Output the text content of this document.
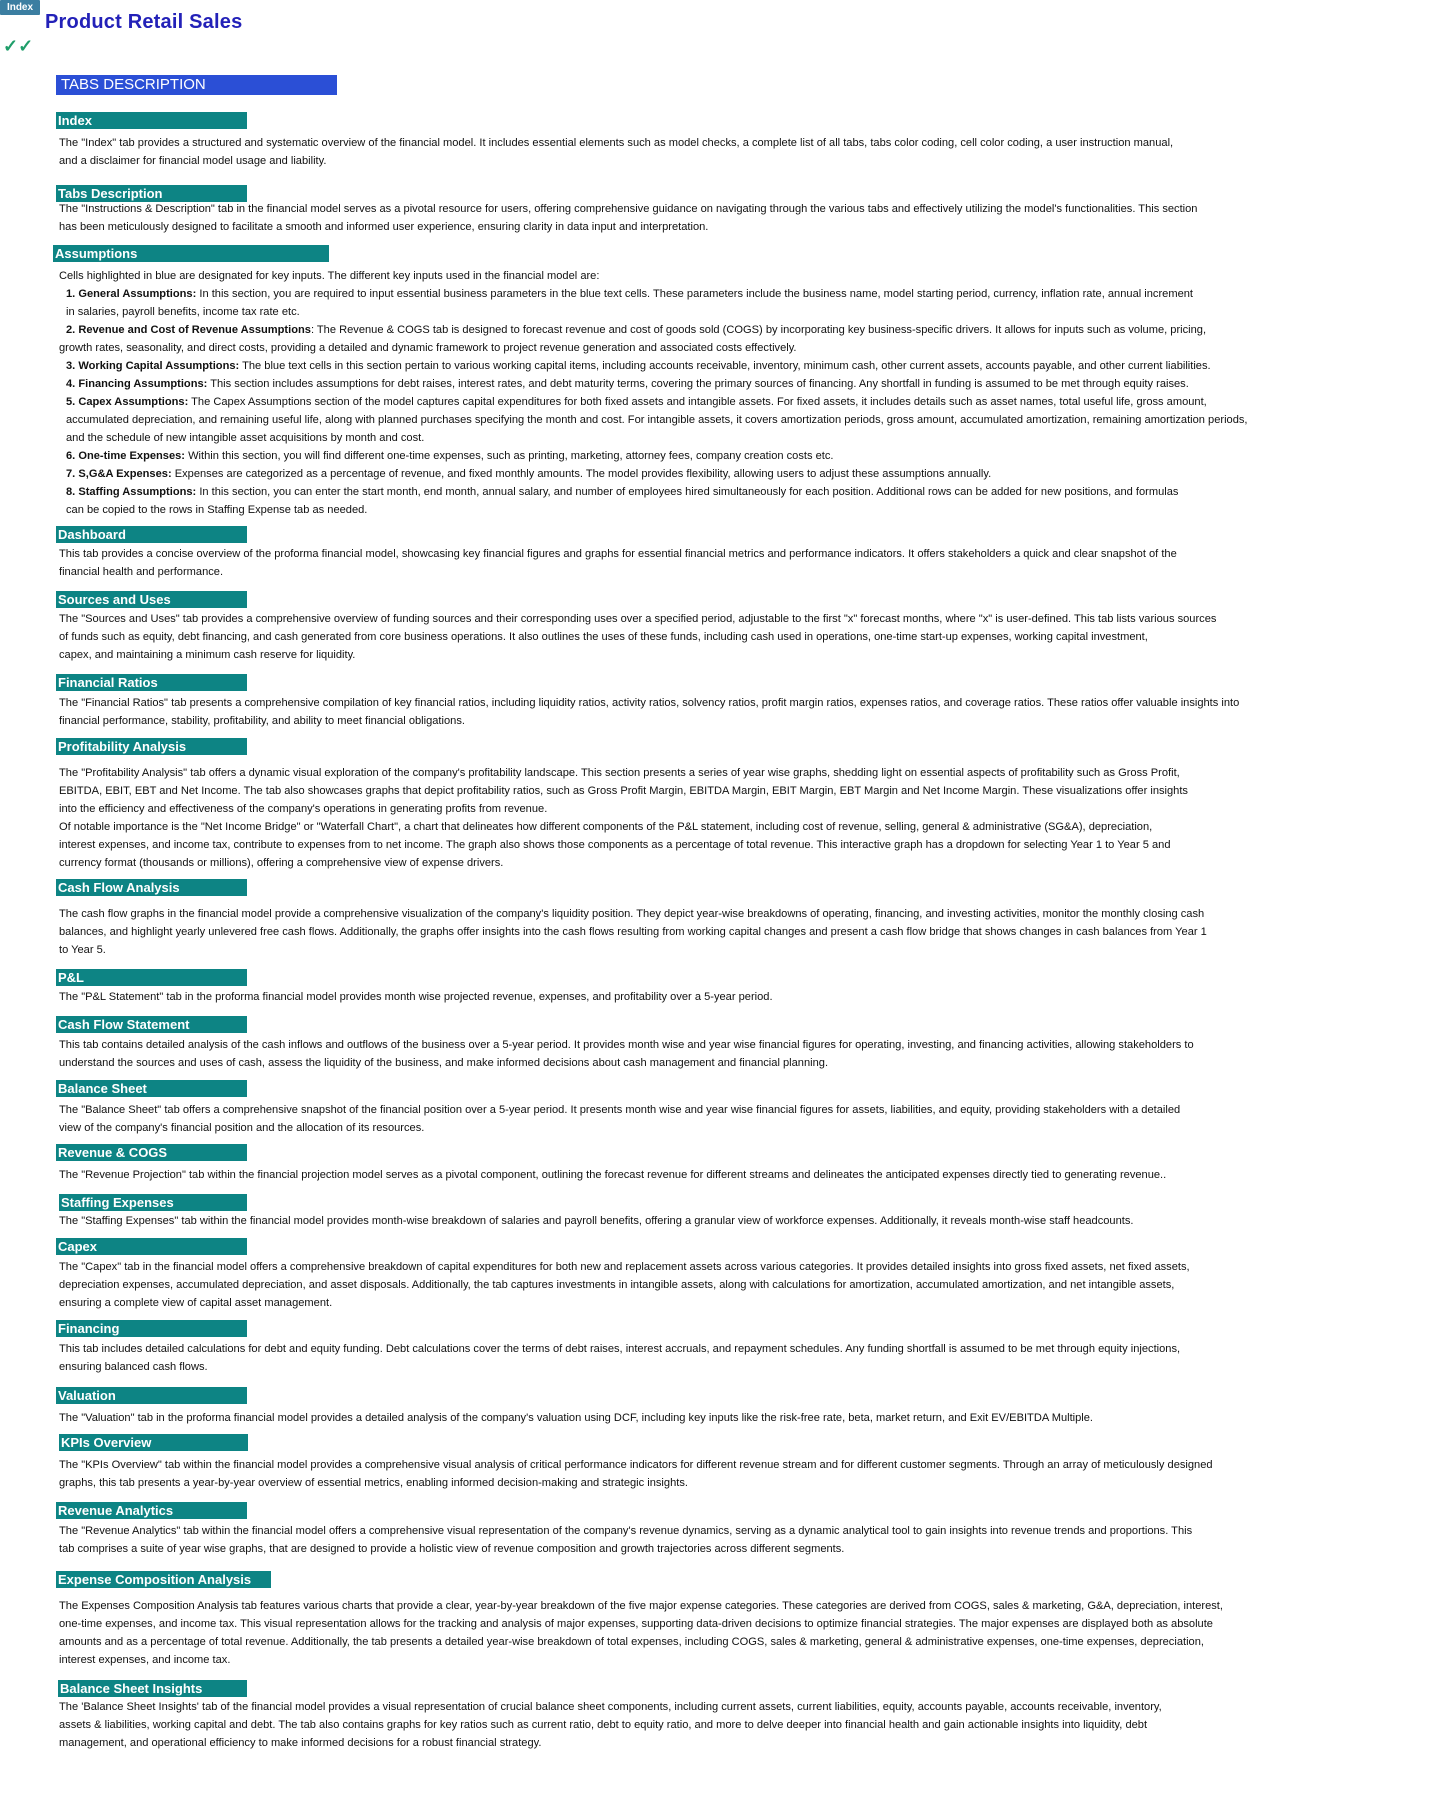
Index
Product Retail Sales
✓✓
TABS DESCRIPTION
Index

The "Index" tab provides a structured and systematic overview of the financial model. It includes essential elements such as model checks, a complete list of all tabs, tabs color coding, cell color coding, a user instruction manual,

and a disclaimer for financial model usage and liability.

Tabs Description

The "Instructions & Description" tab in the financial model serves as a pivotal resource for users, offering comprehensive guidance on navigating through the various tabs and effectively utilizing the model's functionalities. This section

has been meticulously designed to facilitate a smooth and informed user experience, ensuring clarity in data input and interpretation.

Assumptions

Cells highlighted in blue are designated for key inputs. The different key inputs used in the financial model are:

1. General Assumptions: In this section, you are required to input essential business parameters in the blue text cells. These parameters include the business name, model starting period, currency, inflation rate, annual increment

in salaries, payroll benefits, income tax rate etc.

2. Revenue and Cost of Revenue Assumptions: The Revenue & COGS tab is designed to forecast revenue and cost of goods sold (COGS) by incorporating key business-specific drivers. It allows for inputs such as volume, pricing,

growth rates, seasonality, and direct costs, providing a detailed and dynamic framework to project revenue generation and associated costs effectively.

3. Working Capital Assumptions: The blue text cells in this section pertain to various working capital items, including accounts receivable, inventory, minimum cash, other current assets, accounts payable, and other current liabilities.

4. Financing Assumptions: This section includes assumptions for debt raises, interest rates, and debt maturity terms, covering the primary sources of financing. Any shortfall in funding is assumed to be met through equity raises.

5. Capex Assumptions: The Capex Assumptions section of the model captures capital expenditures for both fixed assets and intangible assets. For fixed assets, it includes details such as asset names, total useful life, gross amount,

accumulated depreciation, and remaining useful life, along with planned purchases specifying the month and cost. For intangible assets, it covers amortization periods, gross amount, accumulated amortization, remaining amortization periods,

and the schedule of new intangible asset acquisitions by month and cost.

6. One-time Expenses: Within this section, you will find different one-time expenses, such as printing, marketing, attorney fees, company creation costs etc.

7. S,G&A Expenses: Expenses are categorized as a percentage of revenue, and fixed monthly amounts. The model provides flexibility, allowing users to adjust these assumptions annually.

8. Staffing Assumptions: In this section, you can enter the start month, end month, annual salary, and number of employees hired simultaneously for each position. Additional rows can be added for new positions, and formulas

can be copied to the rows in Staffing Expense tab as needed.

Dashboard

This tab provides a concise overview of the proforma financial model, showcasing key financial figures and graphs for essential financial metrics and performance indicators. It offers stakeholders a quick and clear snapshot of the

financial health and performance.

Sources and Uses

The "Sources and Uses" tab provides a comprehensive overview of funding sources and their corresponding uses over a specified period, adjustable to the first "x" forecast months, where "x" is user-defined. This tab lists various sources

of funds such as equity, debt financing, and cash generated from core business operations. It also outlines the uses of these funds, including cash used in operations, one-time start-up expenses, working capital investment,

capex, and maintaining a minimum cash reserve for liquidity.

Financial Ratios

The "Financial Ratios" tab presents a comprehensive compilation of key financial ratios, including liquidity ratios, activity ratios, solvency ratios, profit margin ratios, expenses ratios, and coverage ratios. These ratios offer valuable insights into

financial performance, stability, profitability, and ability to meet financial obligations.

Profitability Analysis

The "Profitability Analysis" tab offers a dynamic visual exploration of the company's profitability landscape. This section presents a series of year wise graphs, shedding light on essential aspects of profitability such as Gross Profit,

EBITDA, EBIT, EBT and Net Income. The tab also showcases graphs that depict profitability ratios, such as Gross Profit Margin, EBITDA Margin, EBIT Margin, EBT Margin and Net Income Margin. These visualizations offer insights

into the efficiency and effectiveness of the company's operations in generating profits from revenue.

Of notable importance is the "Net Income Bridge" or "Waterfall Chart", a chart that delineates how different components of the P&L statement, including cost of revenue, selling, general & administrative (SG&A), depreciation,

interest expenses, and income tax, contribute to expenses from to net income. The graph also shows those components as a percentage of total revenue. This interactive graph has a dropdown for selecting Year 1 to Year 5 and

currency format (thousands or millions), offering a comprehensive view of expense drivers.

Cash Flow Analysis

The cash flow graphs in the financial model provide a comprehensive visualization of the company's liquidity position. They depict year-wise breakdowns of operating, financing, and investing activities, monitor the monthly closing cash

balances, and highlight yearly unlevered free cash flows. Additionally, the graphs offer insights into the cash flows resulting from working capital changes and present a cash flow bridge that shows changes in cash balances from Year 1

to Year 5.

P&L

The "P&L Statement" tab in the proforma financial model provides month wise projected revenue, expenses, and profitability over a 5-year period.

Cash Flow Statement

This tab contains detailed analysis of the cash inflows and outflows of the business over a 5-year period. It provides month wise and year wise financial figures for operating, investing, and financing activities, allowing stakeholders to

understand the sources and uses of cash, assess the liquidity of the business, and make informed decisions about cash management and financial planning.

Balance Sheet

The "Balance Sheet" tab offers a comprehensive snapshot of the financial position over a 5-year period. It presents month wise and year wise financial figures for assets, liabilities, and equity, providing stakeholders with a detailed

view of the company's financial position and the allocation of its resources.

Revenue & COGS

The "Revenue Projection" tab within the financial projection model serves as a pivotal component, outlining the forecast revenue for different streams and delineates the anticipated expenses directly tied to generating revenue..

Staffing Expenses

The "Staffing Expenses" tab within the financial model provides month-wise breakdown of salaries and payroll benefits, offering a granular view of workforce expenses. Additionally, it reveals month-wise staff headcounts.

Capex

The "Capex" tab in the financial model offers a comprehensive breakdown of capital expenditures for both new and replacement assets across various categories. It provides detailed insights into gross fixed assets, net fixed assets,

depreciation expenses, accumulated depreciation, and asset disposals. Additionally, the tab captures investments in intangible assets, along with calculations for amortization, accumulated amortization, and net intangible assets,

ensuring a complete view of capital asset management.

Financing

This tab includes detailed calculations for debt and equity funding. Debt calculations cover the terms of debt raises, interest accruals, and repayment schedules. Any funding shortfall is assumed to be met through equity injections,

ensuring balanced cash flows.

Valuation

The "Valuation" tab in the proforma financial model provides a detailed analysis of the company's valuation using DCF, including key inputs like the risk-free rate, beta, market return, and Exit EV/EBITDA Multiple.

KPIs Overview

The "KPIs Overview" tab within the financial model provides a comprehensive visual analysis of critical performance indicators for different revenue stream and for different customer segments. Through an array of meticulously designed

graphs, this tab presents a year-by-year overview of essential metrics, enabling informed decision-making and strategic insights.

Revenue Analytics

The "Revenue Analytics" tab within the financial model offers a comprehensive visual representation of the company's revenue dynamics, serving as a dynamic analytical tool to gain insights into revenue trends and proportions. This

tab comprises a suite of year wise graphs, that are designed to provide a holistic view of revenue composition and growth trajectories across different segments.

Expense Composition Analysis

The Expenses Composition Analysis tab features various charts that provide a clear, year-by-year breakdown of the five major expense categories. These categories are derived from COGS, sales & marketing, G&A, depreciation, interest,

one-time expenses, and income tax. This visual representation allows for the tracking and analysis of major expenses, supporting data-driven decisions to optimize financial strategies. The major expenses are displayed both as absolute

amounts and as a percentage of total revenue. Additionally, the tab presents a detailed year-wise breakdown of total expenses, including COGS, sales & marketing, general & administrative expenses, one-time expenses, depreciation,

interest expenses, and income tax.

Balance Sheet Insights

The 'Balance Sheet Insights' tab of the financial model provides a visual representation of crucial balance sheet components, including current assets, current liabilities, equity, accounts payable, accounts receivable, inventory,

assets & liabilities, working capital and debt. The tab also contains graphs for key ratios such as current ratio, debt to equity ratio, and more to delve deeper into financial health and gain actionable insights into liquidity, debt

management, and operational efficiency to make informed decisions for a robust financial strategy.
